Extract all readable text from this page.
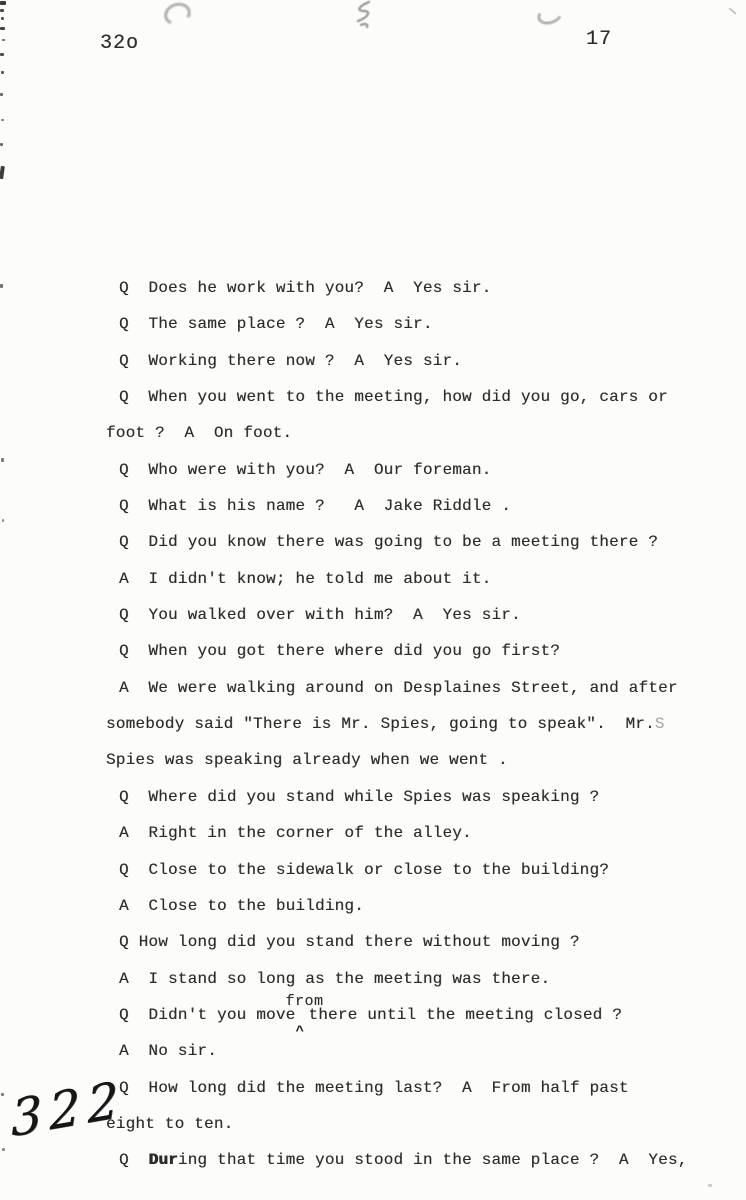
32o	17
Q  Does he work with you?  A  Yes sir.
Q  The same place ?  A  Yes sir.
Q  Working there now ?  A  Yes sir.
Q  When you went to the meeting, how did you go, cars or
foot ?  A  On foot.
Q  Who were with you?  A  Our foreman.
Q  What is his name ?   A  Jake Riddle .
Q  Did you know there was going to be a meeting there ?
A  I didn't know; he told me about it.
Q  You walked over with him?  A  Yes sir.
Q  When you got there where did you go first?
A  We were walking around on Desplaines Street, and after
somebody said "There is Mr. Spies, going to speak".  Mr.S
Spies was speaking already when we went .
Q  Where did you stand while Spies was speaking ?
A  Right in the corner of the alley.
Q  Close to the sidewalk or close to the building?
A  Close to the building.
Q How long did you stand there without moving ?
A  I stand so long as the meeting was there.
Q  Didn't you move
from
^
there until the meeting closed ?
A  No sir.
Q  How long did the meeting last?  A  From half past
eight to ten.
Q  During that time you stood in the same place ?  A  Yes,
322
